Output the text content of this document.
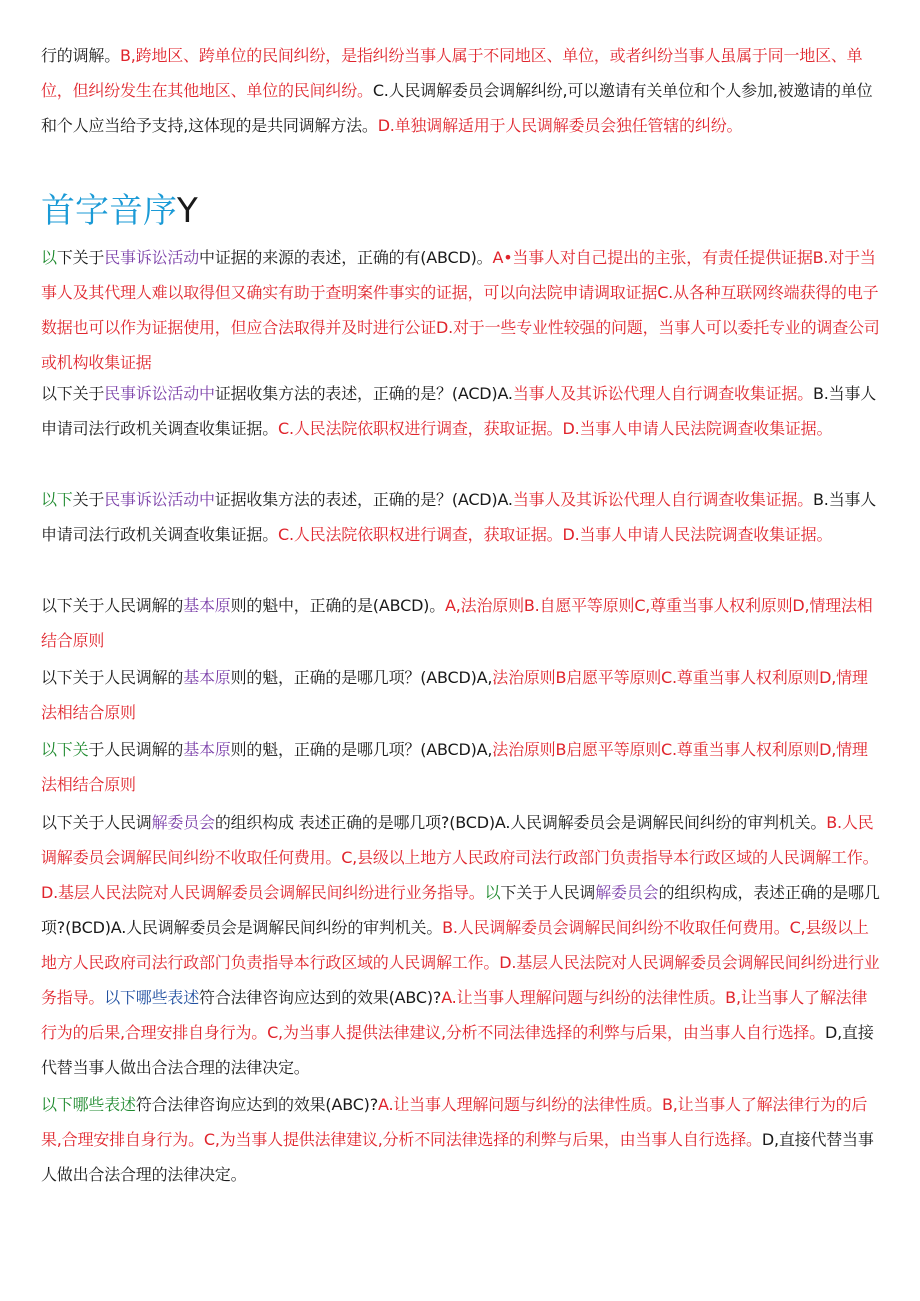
行的调解。B,跨地区、跨单位的民间纠纷，是指纠纷当事人属于不同地区、单位，或者纠纷当事人虽属于同一地区、单位，但纠纷发生在其他地区、单位的民间纠纷。C.人民调解委员会调解纠纷,可以邀请有关单位和个人参加,被邀请的单位和个人应当给予支持,这体现的是共同调解方法。D.单独调解适用于人民调解委员会独任管辖的纠纷。

首字音序Y

以下关于民事诉讼活动中证据的来源的表述，正确的有(ABCD)。A•当事人对自己提出的主张，有责任提供证据B.对于当事人及其代理人难以取得但又确实有助于查明案件事实的证据，可以向法院申请调取证据C.从各种互联网终端获得的电子数据也可以作为证据使用，但应合法取得并及时进行公证D.对于一些专业性较强的问题，当事人可以委托专业的调查公司或机构收集证据

以下关于民事诉讼活动中证据收集方法的表述，正确的是？(ACD)A.当事人及其诉讼代理人自行调查收集证据。B.当事人申请司法行政机关调查收集证据。C.人民法院依职权进行调查，获取证据。D.当事人申请人民法院调查收集证据。

以下关于民事诉讼活动中证据收集方法的表述，正确的是？(ACD)A.当事人及其诉讼代理人自行调查收集证据。B.当事人申请司法行政机关调查收集证据。C.人民法院依职权进行调查，获取证据。D.当事人申请人民法院调查收集证据。

以下关于人民调解的基本原则的魁中，正确的是(ABCD)。A,法治原则B.自愿平等原则C,尊重当事人权利原则D,情理法相结合原则

以下关于人民调解的基本原则的魁，正确的是哪几项？(ABCD)A,法治原则B启愿平等原则C.尊重当事人权利原则D,情理法相结合原则

以下关于人民调解的基本原则的魁，正确的是哪几项？(ABCD)A,法治原则B启愿平等原则C.尊重当事人权利原则D,情理法相结合原则

以下关于人民调解委员会的组织构成 表述正确的是哪几项?(BCD)A.人民调解委员会是调解民间纠纷的审判机关。B.人民调解委员会调解民间纠纷不收取任何费用。C,县级以上地方人民政府司法行政部门负责指导本行政区域的人民调解工作。D.基层人民法院对人民调解委员会调解民间纠纷进行业务指导。以下关于人民调解委员会的组织构成，表述正确的是哪几项?(BCD)A.人民调解委员会是调解民间纠纷的审判机关。B.人民调解委员会调解民间纠纷不收取任何费用。C,县级以上地方人民政府司法行政部门负责指导本行政区域的人民调解工作。D.基层人民法院对人民调解委员会调解民间纠纷进行业务指导。以下哪些表述符合法律咨询应达到的效果(ABC)?A.让当事人理解问题与纠纷的法律性质。B,让当事人了解法律行为的后果,合理安排自身行为。C,为当事人提供法律建议,分析不同法律选择的利弊与后果，由当事人自行选择。D,直接代替当事人做出合法合理的法律决定。

以下哪些表述符合法律咨询应达到的效果(ABC)?A.让当事人理解问题与纠纷的法律性质。B,让当事人了解法律行为的后果,合理安排自身行为。C,为当事人提供法律建议,分析不同法律选择的利弊与后果，由当事人自行选择。D,直接代替当事人做出合法合理的法律决定。
